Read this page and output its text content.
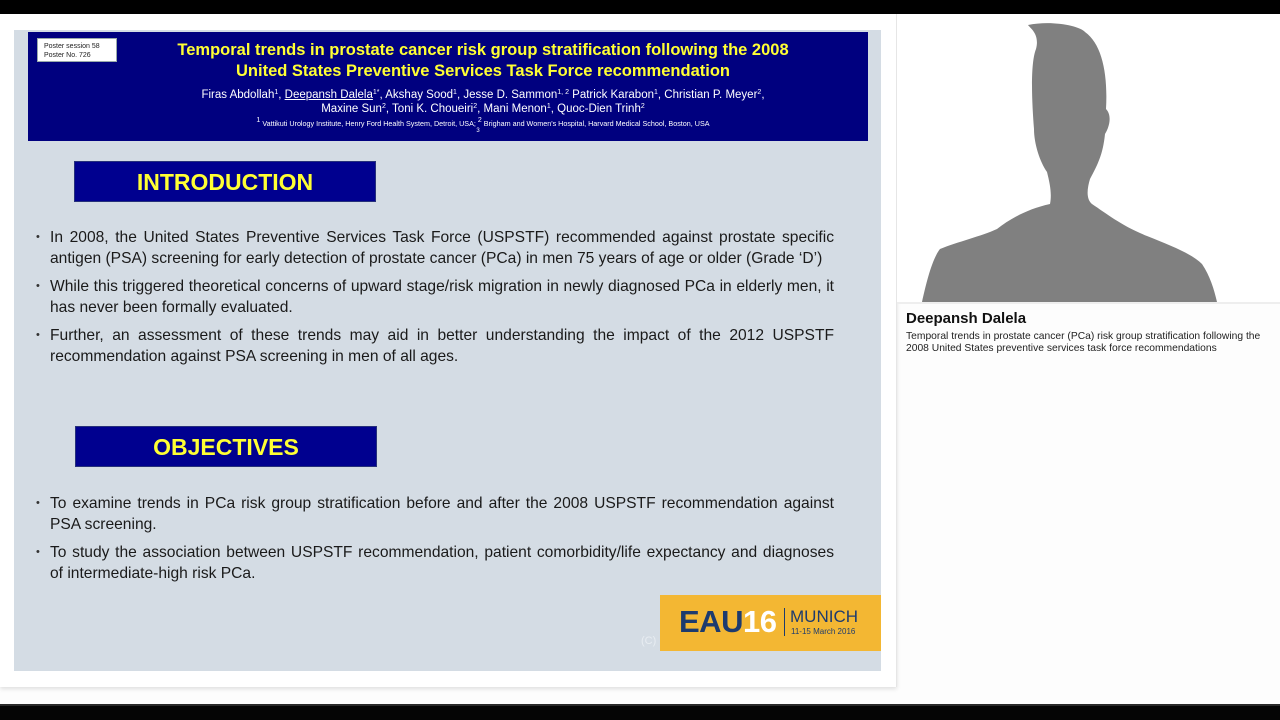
Poster session 58
Poster No. 726	Temporal trends in prostate cancer risk group stratification following the 2008
United States Preventive Services Task Force recommendation
Firas Abdollah$^1$, Deepansh Dalela$^{1*}$, Akshay Sood$^1$, Jesse D. Sammon$^{1, 2}$ Patrick Karabon$^1$, Christian P. Meyer$^2$,
Maxine Sun$^2$, Toni K. Choueiri$^2$, Mani Menon$^1$, Quoc-Dien Trinh$^2$
$^1$ Vattikuti Urology Institute, Henry Ford Health System, Detroit, USA; $^2$ Brigham and Women's Hospital, Harvard Medical School, Boston, USA
3
INTRODUCTION
• In 2008, the United States Preventive Services Task Force (USPSTF) recommended against prostate specific antigen (PSA) screening for early detection of prostate cancer (PCa) in men 75 years of age or older (Grade ‘D’)
• While this triggered theoretical concerns of upward stage/risk migration in newly diagnosed PCa in elderly men, it has never been formally evaluated.
• Further, an assessment of these trends may aid in better understanding the impact of the 2012 USPSTF recommendation against PSA screening in men of all ages.
OBJECTIVES
• To examine trends in PCa risk group stratification before and after the 2008 USPSTF recommendation against PSA screening.
• To study the association between USPSTF recommendation, patient comorbidity/life expectancy and diagnoses of intermediate-high risk PCa.
(C)
EAU16 MUNICH
11-15 March 2016
Deepansh Dalela
Temporal trends in prostate cancer (PCa) risk group stratification following the 2008 United States preventive services task force recommendations
